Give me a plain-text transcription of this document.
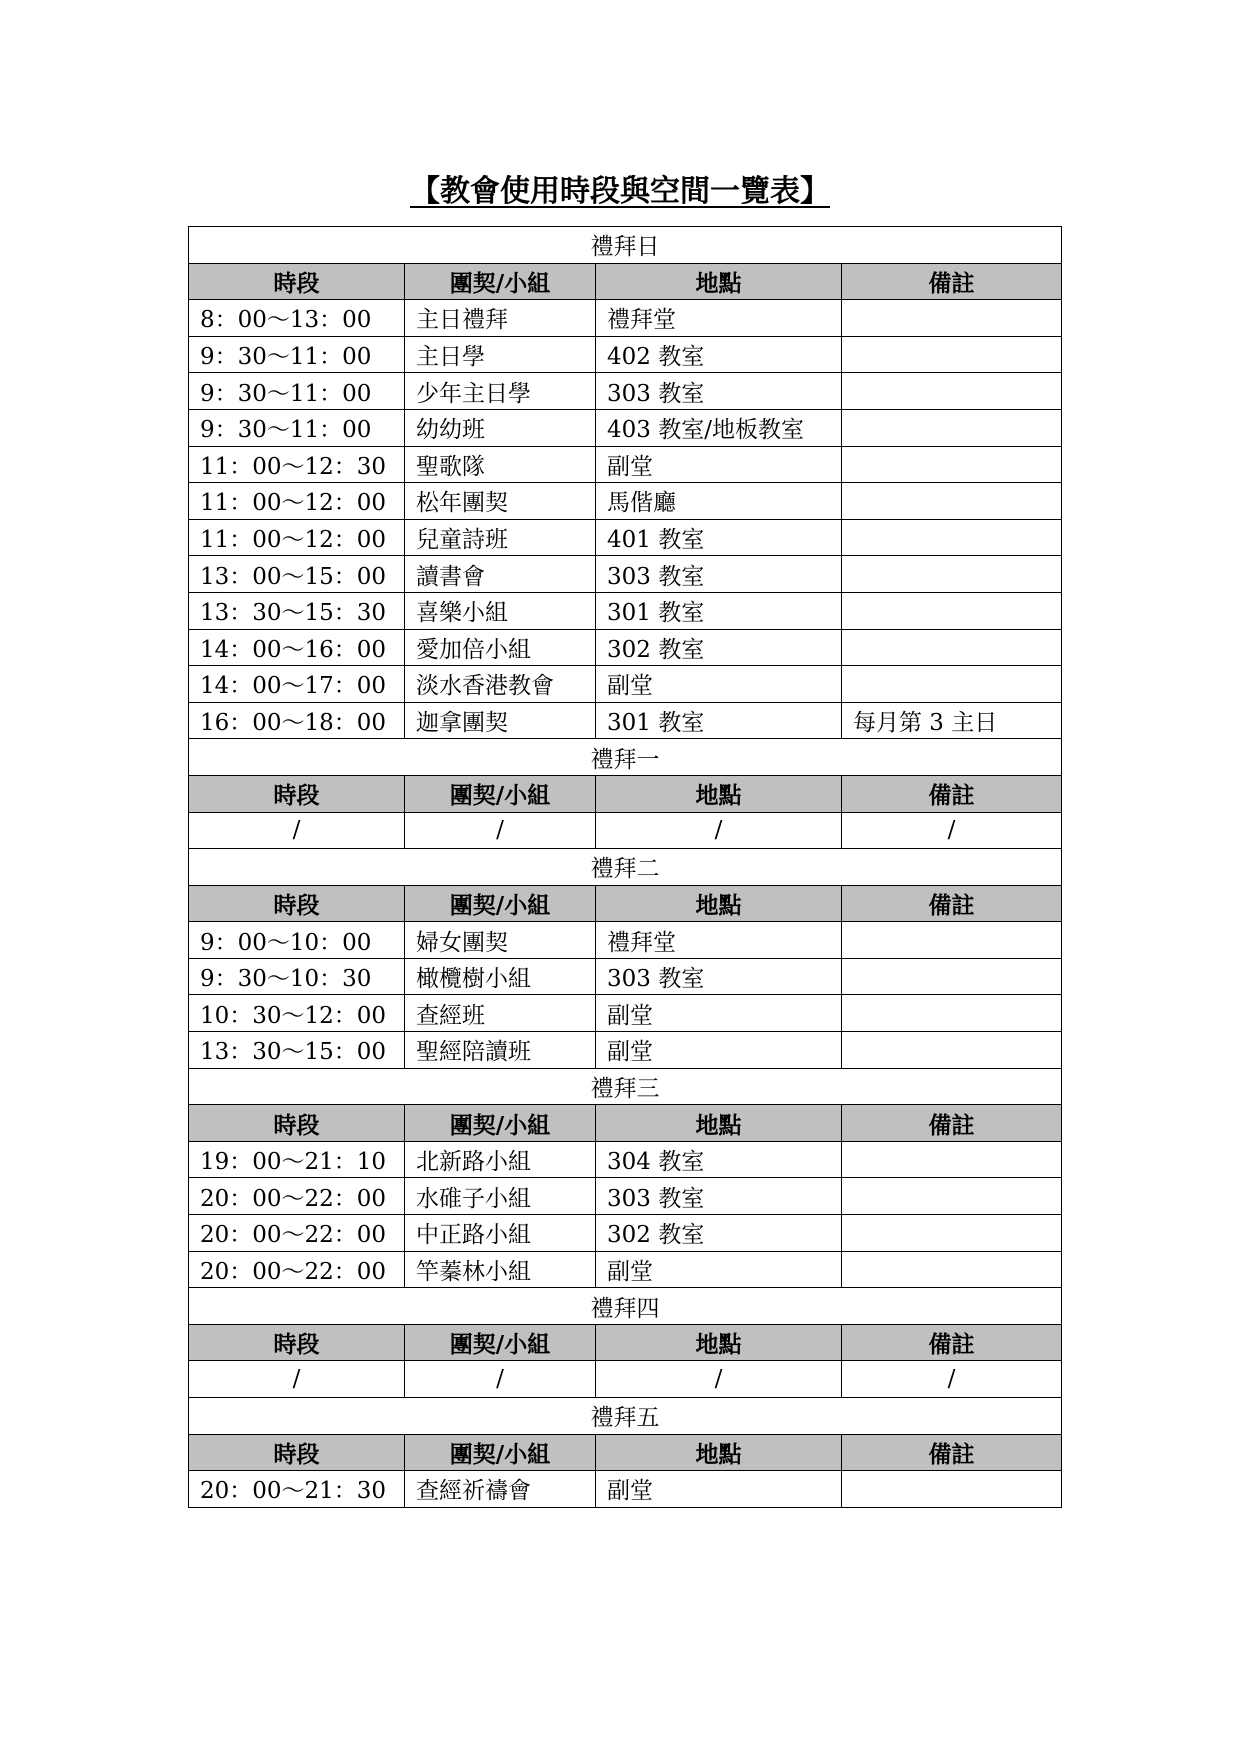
【教會使用時段與空間一覽表】
禮拜日			
時段	團契/小組	地點	備註
8：00～13：00	主日禮拜	禮拜堂	
9：30～11：00	主日學	402 教室	
9：30～11：00	少年主日學	303 教室	
9：30～11：00	幼幼班	403 教室/地板教室	
11：00～12：30	聖歌隊	副堂	
11：00～12：00	松年團契	馬偕廳	
11：00～12：00	兒童詩班	401 教室	
13：00～15：00	讀書會	303 教室	
13：30～15：30	喜樂小組	301 教室	
14：00～16：00	愛加倍小組	302 教室	
14：00～17：00	淡水香港教會	副堂	
16：00～18：00	迦拿團契	301 教室	每月第 3 主日
禮拜一			
時段	團契/小組	地點	備註
/	/	/	/
禮拜二			
時段	團契/小組	地點	備註
9：00～10：00	婦女團契	禮拜堂	
9：30～10：30	橄欖樹小組	303 教室	
10：30～12：00	查經班	副堂	
13：30～15：00	聖經陪讀班	副堂	
禮拜三			
時段	團契/小組	地點	備註
19：00～21：10	北新路小組	304 教室	
20：00～22：00	水碓子小組	303 教室	
20：00～22：00	中正路小組	302 教室	
20：00～22：00	竿蓁林小組	副堂	
禮拜四			
時段	團契/小組	地點	備註
/	/	/	/
禮拜五			
時段	團契/小組	地點	備註
20：00～21：30	查經祈禱會	副堂	
